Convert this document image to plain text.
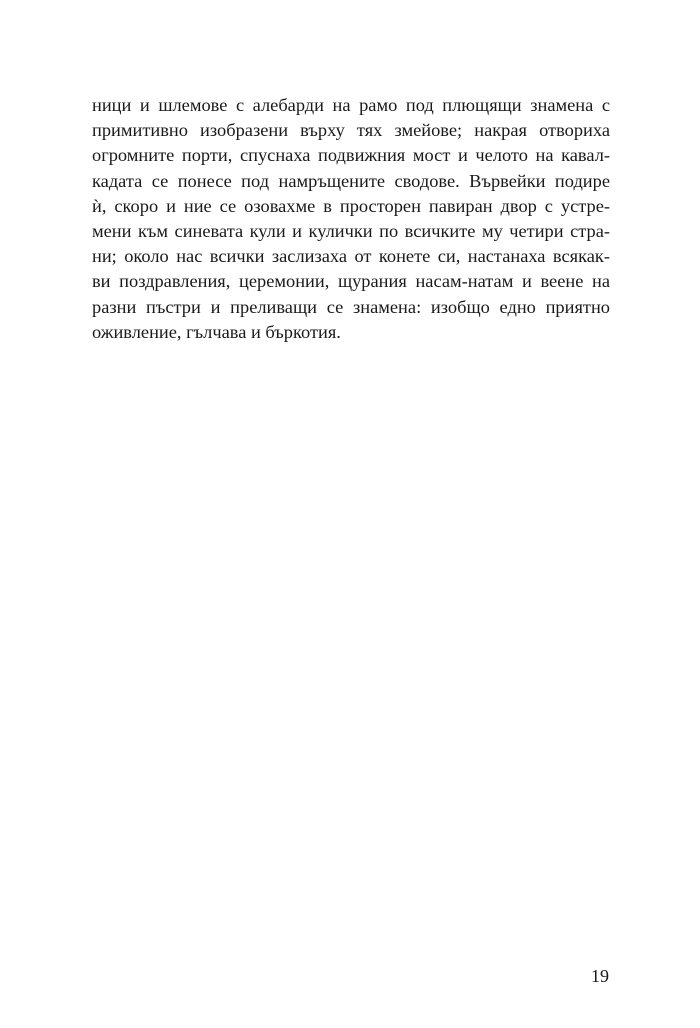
ници и шлемове с алебарди на рамо под плющящи знамена с
примитивно изобразени върху тях змейове; накрая отвориха
огромните порти, спуснаха подвижния мост и челото на кавал-
кадата се понесе под намръщените сводове. Вървейки подире
ѝ, скоро и ние се озовахме в просторен павиран двор с устре-
мени към синевата кули и кулички по всичките му четири стра-
ни; около нас всички заслизаха от конете си, настанаха всякак-
ви поздравления, церемонии, щурания насам-натам и веене на
разни пъстри и преливащи се знамена: изобщо едно приятно
оживление, гълчава и бъркотия.
19
